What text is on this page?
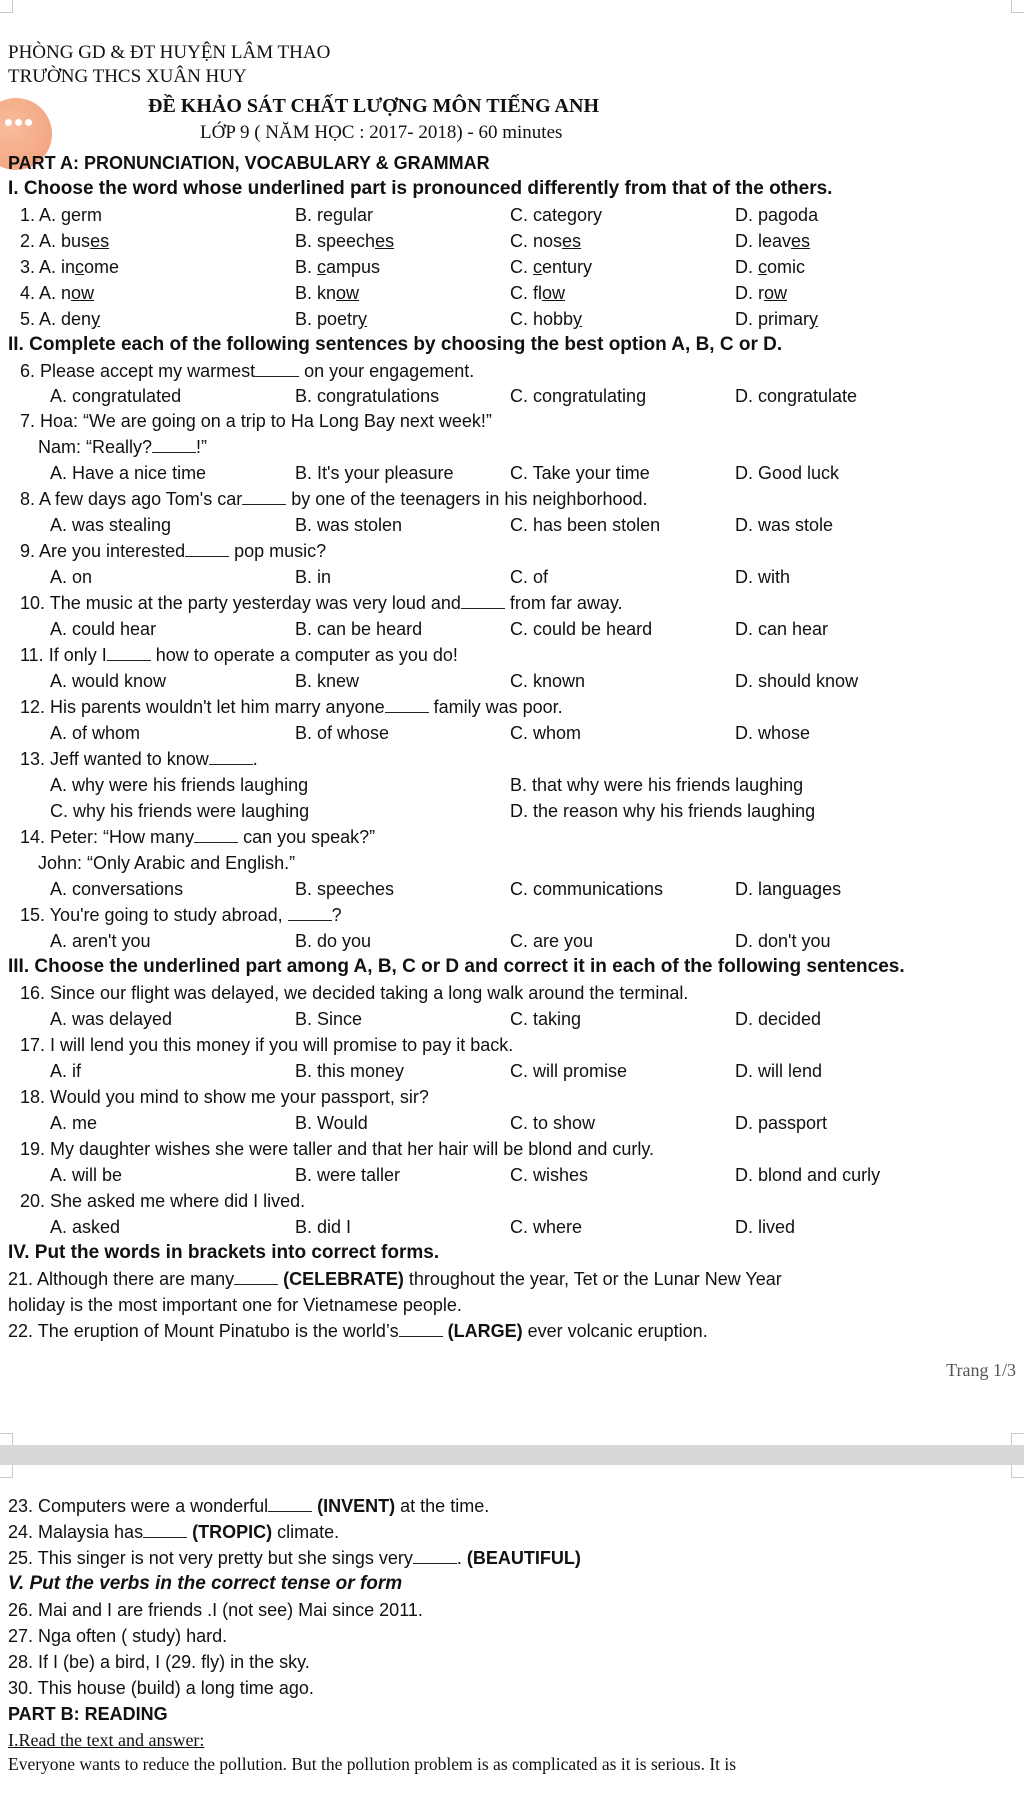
PHÒNG GD & ĐT HUYỆN LÂM THAO
TRƯỜNG THCS XUÂN HUY
ĐỀ KHẢO SÁT CHẤT LƯỢNG MÔN TIẾNG ANH
LỚP 9 ( NĂM HỌC : 2017- 2018) - 60 minutes
PART A: PRONUNCIATION, VOCABULARY & GRAMMAR
I. Choose the word whose underlined part is pronounced differently from that of the others.
1. A. germ	B. regular	C. category	D. pagoda
2. A. buses	B. speeches	C. noses	D. leaves
3. A. income	B. campus	C. century	D. comic
4. A. now	B. know	C. flow	D. row
5. A. deny	B. poetry	C. hobby	D. primary
II. Complete each of the following sentences by choosing the best option A, B, C or D.
6. Please accept my warmest on your engagement.
A. congratulated	B. congratulations	C. congratulating	D. congratulate
7. Hoa: “We are going on a trip to Ha Long Bay next week!”
Nam: “Really? !”
A. Have a nice time	B. It's your pleasure	C. Take your time	D. Good luck
8. A few days ago Tom's car by one of the teenagers in his neighborhood.
A. was stealing	B. was stolen	C. has been stolen	D. was stole
9. Are you interested pop music?
A. on	B. in	C. of	D. with
10. The music at the party yesterday was very loud and from far away.
A. could hear	B. can be heard	C. could be heard	D. can hear
11. If only I how to operate a computer as you do!
A. would know	B. knew	C. known	D. should know
12. His parents wouldn't let him marry anyone family was poor.
A. of whom	B. of whose	C. whom	D. whose
13. Jeff wanted to know .
A. why were his friends laughing	B. that why were his friends laughing
C. why his friends were laughing	D. the reason why his friends laughing
14. Peter: “How many can you speak?”
John: “Only Arabic and English.”
A. conversations	B. speeches	C. communications	D. languages
15. You're going to study abroad, ?
A. aren't you	B. do you	C. are you	D. don't you
III. Choose the underlined part among A, B, C or D and correct it in each of the following sentences.
16. Since our flight was delayed, we decided taking a long walk around the terminal.
A. was delayed	B. Since	C. taking	D. decided
17. I will lend you this money if you will promise to pay it back.
A. if	B. this money	C. will promise	D. will lend
18. Would you mind to show me your passport, sir?
A. me	B. Would	C. to show	D. passport
19. My daughter wishes she were taller and that her hair will be blond and curly.
A. will be	B. were taller	C. wishes	D. blond and curly
20. She asked me where did I lived.
A. asked	B. did I	C. where	D. lived
IV. Put the words in brackets into correct forms.
21. Although there are many	(CELEBRATE) throughout the year, Tet or the Lunar New Year
holiday is the most important one for Vietnamese people.
22. The eruption of Mount Pinatubo is the world’s	(LARGE) ever volcanic eruption.
Trang 1/3
23. Computers were a wonderful	(INVENT) at the time.
24. Malaysia has	(TROPIC) climate.
25. This singer is not very pretty but she sings very . (BEAUTIFUL)
V. Put the verbs in the correct tense or form
26. Mai and I are friends .I (not see) Mai since 2011.
27. Nga often ( study) hard.
28. If I (be) a bird, I (29. fly) in the sky.
30. This house (build) a long time ago.
PART B: READING
I.Read the text and answer:
Everyone wants to reduce the pollution. But the pollution problem is as complicated as it is serious. It is
